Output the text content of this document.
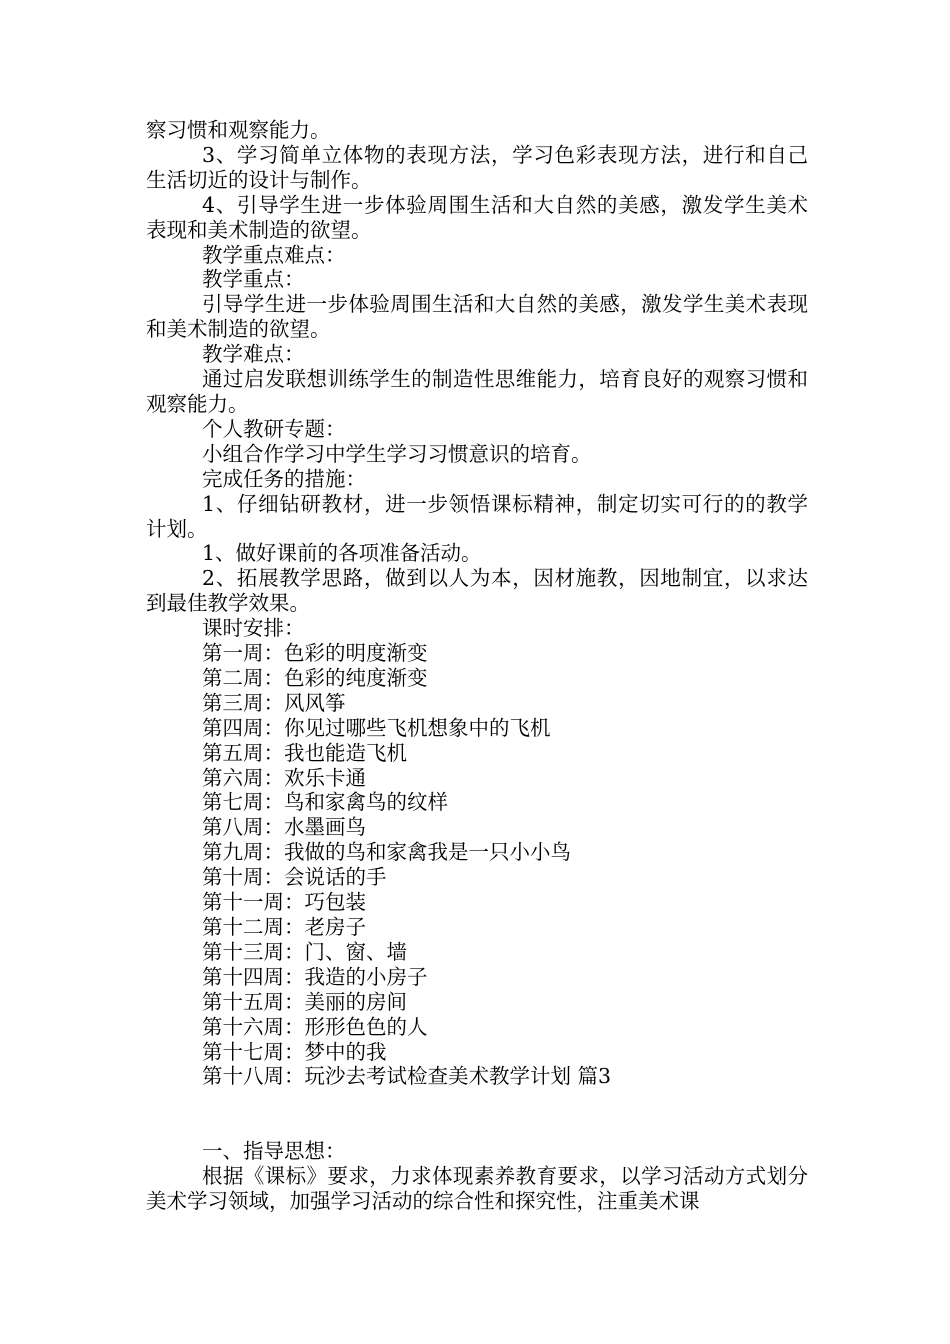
察习惯和观察能力。

3、学习简单立体物的表现方法，学习色彩表现方法，进行和自己生活切近的设计与制作。

4、引导学生进一步体验周围生活和大自然的美感，激发学生美术表现和美术制造的欲望。

教学重点难点：

教学重点：

引导学生进一步体验周围生活和大自然的美感，激发学生美术表现和美术制造的欲望。

教学难点：

通过启发联想训练学生的制造性思维能力，培育良好的观察习惯和观察能力。

个人教研专题：

小组合作学习中学生学习习惯意识的培育。

完成任务的措施：

1、仔细钻研教材，进一步领悟课标精神，制定切实可行的的教学计划。

1、做好课前的各项准备活动。

2、拓展教学思路，做到以人为本，因材施教，因地制宜，以求达到最佳教学效果。

课时安排：

第一周：色彩的明度渐变

第二周：色彩的纯度渐变

第三周：风风筝

第四周：你见过哪些飞机想象中的飞机

第五周：我也能造飞机

第六周：欢乐卡通

第七周：鸟和家禽鸟的纹样

第八周：水墨画鸟

第九周：我做的鸟和家禽我是一只小小鸟

第十周：会说话的手

第十一周：巧包装

第十二周：老房子

第十三周：门、窗、墙

第十四周：我造的小房子

第十五周：美丽的房间

第十六周：形形色色的人

第十七周：梦中的我

第十八周：玩沙去考试检查美术教学计划 篇3

一、指导思想：

根据《课标》要求，力求体现素养教育要求，以学习活动方式划分美术学习领域，加强学习活动的综合性和探究性，注重美术课
